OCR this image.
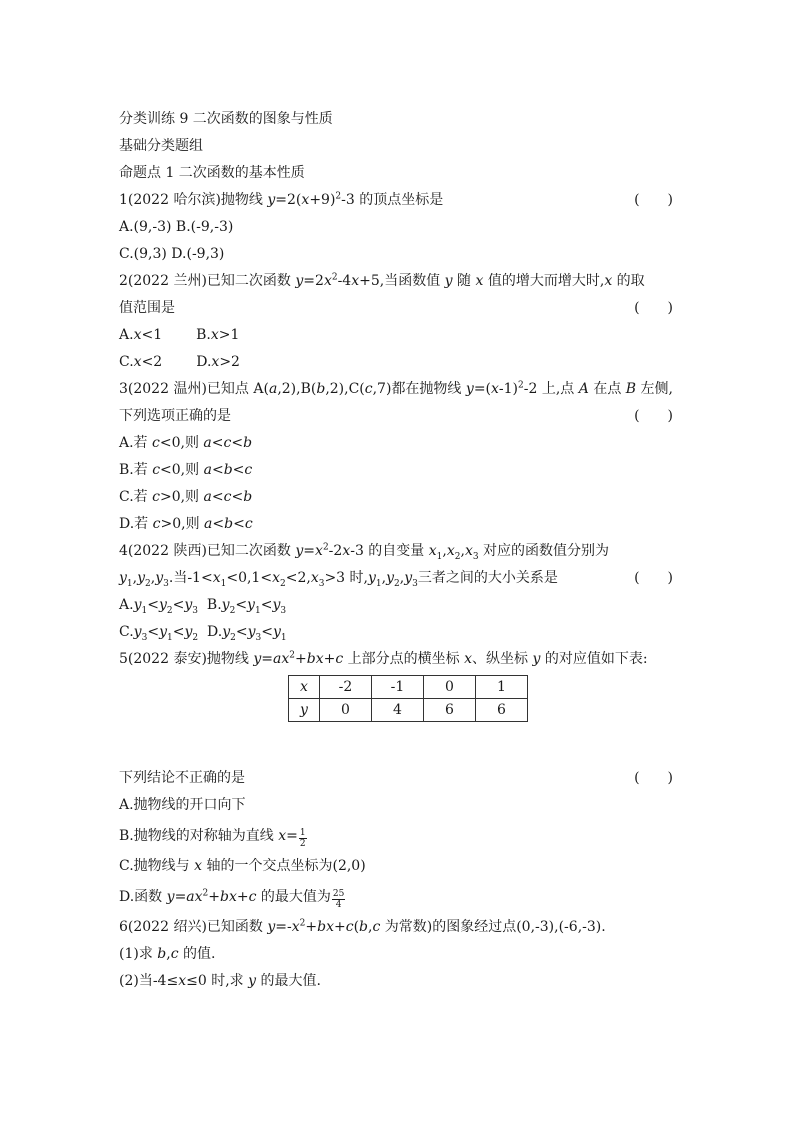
分类训练 9 二次函数的图象与性质
基础分类题组
命题点 1 二次函数的基本性质
1(2022 哈尔滨)抛物线 $y=2(x+9)^2-3$ 的顶点坐标是	(　　)
A.(9,-3) B.(-9,-3)
C.(9,3) D.(-9,3)
2(2022 兰州)已知二次函数 $y=2x^2-4x+5$,当函数值 y 随 x 值的增大而增大时,x 的取
值范围是	(　　)
A.x<1 B.x>1
C.x<2 D.x>2
3(2022 温州)已知点 A(a,2),B(b,2),C(c,7)都在抛物线 $y=(x-1)^2-2$ 上,点 A 在点 B 左侧,
下列选项正确的是	(　　)
A.若 c<0,则 a<c<b
B.若 c<0,则 a<b<c
C.若 c>0,则 a<c<b
D.若 c>0,则 a<b<c
4(2022 陕西)已知二次函数 $y=x^2-2x-3$ 的自变量 $x_1,x_2,x_3$ 对应的函数值分别为
$y_1,y_2,y_3$.当$-1<x_1<0,1<x_2<2,x_3>3$ 时$,y_1,y_2,y_3$三者之间的大小关系是	(　　)
$A.y_1<y_2<y_3$ $B.y_2<y_1<y_3$
$C.y_3<y_1<y_2$ $D.y_2<y_3<y_1$
5(2022 泰安)抛物线 $y=ax^2+bx+c$ 上部分点的横坐标 x、纵坐标 y 的对应值如下表:
x	-2	-1	0	1
y	0	4	6	6
下列结论不正确的是	(　　)
A.抛物线的开口向下
B.抛物线的对称轴为直线 $x= \frac{1}{2}$
C.抛物线与 x 轴的一个交点坐标为(2,0)
D.函数 $y=ax^2+bx+c$ 的最大值为 $\frac{25}{4}$
6(2022 绍兴)已知函数 $y=-x^2+bx+c(b,c$ 为常数)的图象经过点(0,-3),(-6,-3).
(1)求 b,c 的值.
(2)当-4≤x≤0 时,求 y 的最大值.
